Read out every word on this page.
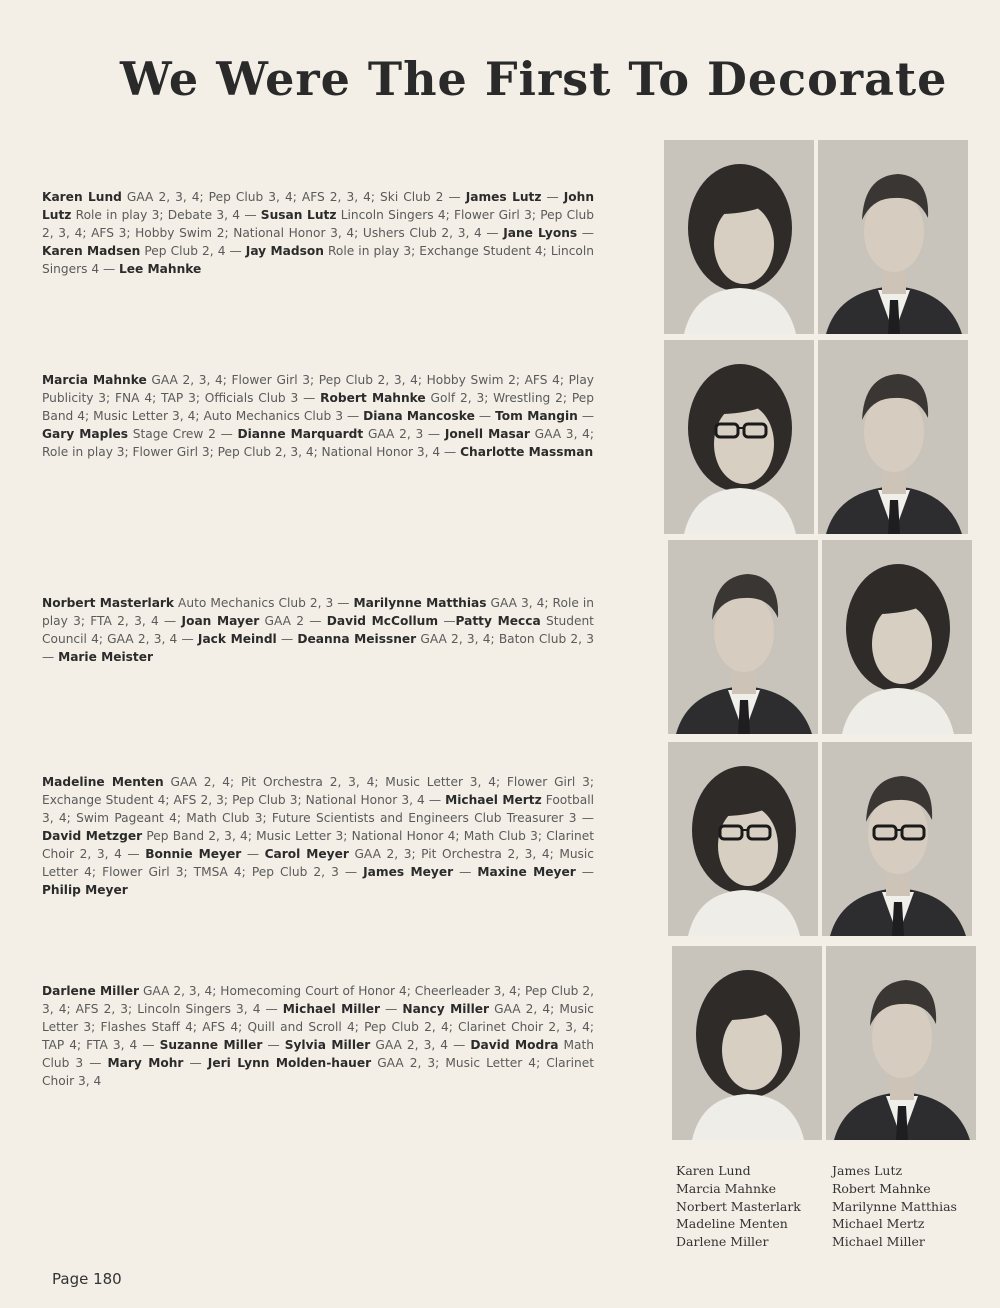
We Were The First To Decorate
Karen Lund GAA 2, 3, 4; Pep Club 3, 4; AFS 2, 3, 4; Ski Club 2 — James Lutz — John Lutz Role in play 3; Debate 3, 4 — Susan Lutz Lincoln Singers 4; Flower Girl 3; Pep Club 2, 3, 4; AFS 3; Hobby Swim 2; National Honor 3, 4; Ushers Club 2, 3, 4 — Jane Lyons — Karen Madsen Pep Club 2, 4 — Jay Madson Role in play 3; Exchange Student 4; Lincoln Singers 4 — Lee Mahnke
Marcia Mahnke GAA 2, 3, 4; Flower Girl 3; Pep Club 2, 3, 4; Hobby Swim 2; AFS 4; Play Publicity 3; FNA 4; TAP 3; Officials Club 3 — Robert Mahnke Golf 2, 3; Wrestling 2; Pep Band 4; Music Letter 3, 4; Auto Mechanics Club 3 — Diana Mancoske — Tom Mangin — Gary Maples Stage Crew 2 — Dianne Marquardt GAA 2, 3 — Jonell Masar GAA 3, 4; Role in play 3; Flower Girl 3; Pep Club 2, 3, 4; National Honor 3, 4 — Charlotte Massman
Norbert Masterlark Auto Mechanics Club 2, 3 — Marilynne Matthias GAA 3, 4; Role in play 3; FTA 2, 3, 4 — Joan Mayer GAA 2 — David McCollum —Patty Mecca Student Council 4; GAA 2, 3, 4 — Jack Meindl — Deanna Meissner GAA 2, 3, 4; Baton Club 2, 3 — Marie Meister
Madeline Menten GAA 2, 4; Pit Orchestra 2, 3, 4; Music Letter 3, 4; Flower Girl 3; Exchange Student 4; AFS 2, 3; Pep Club 3; National Honor 3, 4 — Michael Mertz Football 3, 4; Swim Pageant 4; Math Club 3; Future Scientists and Engineers Club Treasurer 3 — David Metzger Pep Band 2, 3, 4; Music Letter 3; National Honor 4; Math Club 3; Clarinet Choir 2, 3, 4 — Bonnie Meyer — Carol Meyer GAA 2, 3; Pit Orchestra 2, 3, 4; Music Letter 4; Flower Girl 3; TMSA 4; Pep Club 2, 3 — James Meyer — Maxine Meyer — Philip Meyer
Darlene Miller GAA 2, 3, 4; Homecoming Court of Honor 4; Cheerleader 3, 4; Pep Club 2, 3, 4; AFS 2, 3; Lincoln Singers 3, 4 — Michael Miller — Nancy Miller GAA 2, 4; Music Letter 3; Flashes Staff 4; AFS 4; Quill and Scroll 4; Pep Club 2, 4; Clarinet Choir 2, 3, 4; TAP 4; FTA 3, 4 — Suzanne Miller — Sylvia Miller GAA 2, 3, 4 — David Modra Math Club 3 — Mary Mohr — Jeri Lynn Molden-hauer GAA 2, 3; Music Letter 4; Clarinet Choir 3, 4
Karen Lund
Marcia Mahnke
Norbert Masterlark
Madeline Menten
Darlene Miller
James Lutz
Robert Mahnke
Marilynne Matthias
Michael Mertz
Michael Miller
Page 180
